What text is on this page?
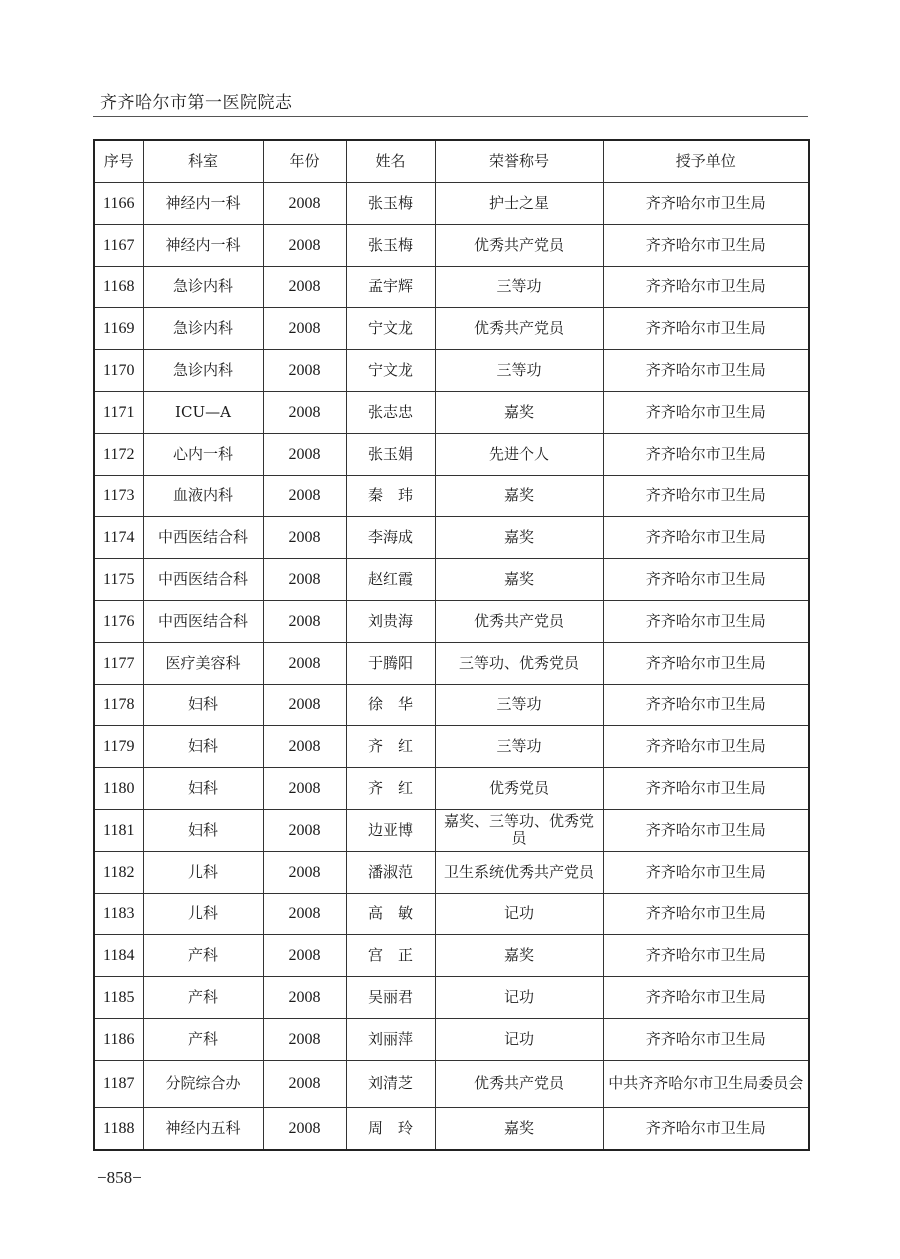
齐齐哈尔市第一医院院志
序号	科室	年份	姓名	荣誉称号	授予单位
1166	神经内一科	2008	张玉梅	护士之星	齐齐哈尔市卫生局
1167	神经内一科	2008	张玉梅	优秀共产党员	齐齐哈尔市卫生局
1168	急诊内科	2008	孟宇辉	三等功	齐齐哈尔市卫生局
1169	急诊内科	2008	宁文龙	优秀共产党员	齐齐哈尔市卫生局
1170	急诊内科	2008	宁文龙	三等功	齐齐哈尔市卫生局
1171	ICU—A	2008	张志忠	嘉奖	齐齐哈尔市卫生局
1172	心内一科	2008	张玉娟	先进个人	齐齐哈尔市卫生局
1173	血液内科	2008	秦　玮	嘉奖	齐齐哈尔市卫生局
1174	中西医结合科	2008	李海成	嘉奖	齐齐哈尔市卫生局
1175	中西医结合科	2008	赵红霞	嘉奖	齐齐哈尔市卫生局
1176	中西医结合科	2008	刘贵海	优秀共产党员	齐齐哈尔市卫生局
1177	医疗美容科	2008	于腾阳	三等功、优秀党员	齐齐哈尔市卫生局
1178	妇科	2008	徐　华	三等功	齐齐哈尔市卫生局
1179	妇科	2008	齐　红	三等功	齐齐哈尔市卫生局
1180	妇科	2008	齐　红	优秀党员	齐齐哈尔市卫生局
1181	妇科	2008	边亚博	嘉奖、三等功、优秀党员	齐齐哈尔市卫生局
1182	儿科	2008	潘淑范	卫生系统优秀共产党员	齐齐哈尔市卫生局
1183	儿科	2008	高　敏	记功	齐齐哈尔市卫生局
1184	产科	2008	宫　正	嘉奖	齐齐哈尔市卫生局
1185	产科	2008	吴丽君	记功	齐齐哈尔市卫生局
1186	产科	2008	刘丽萍	记功	齐齐哈尔市卫生局
1187	分院综合办	2008	刘清芝	优秀共产党员	中共齐齐哈尔市卫生局委员会
1188	神经内五科	2008	周　玲	嘉奖	齐齐哈尔市卫生局
−858−
